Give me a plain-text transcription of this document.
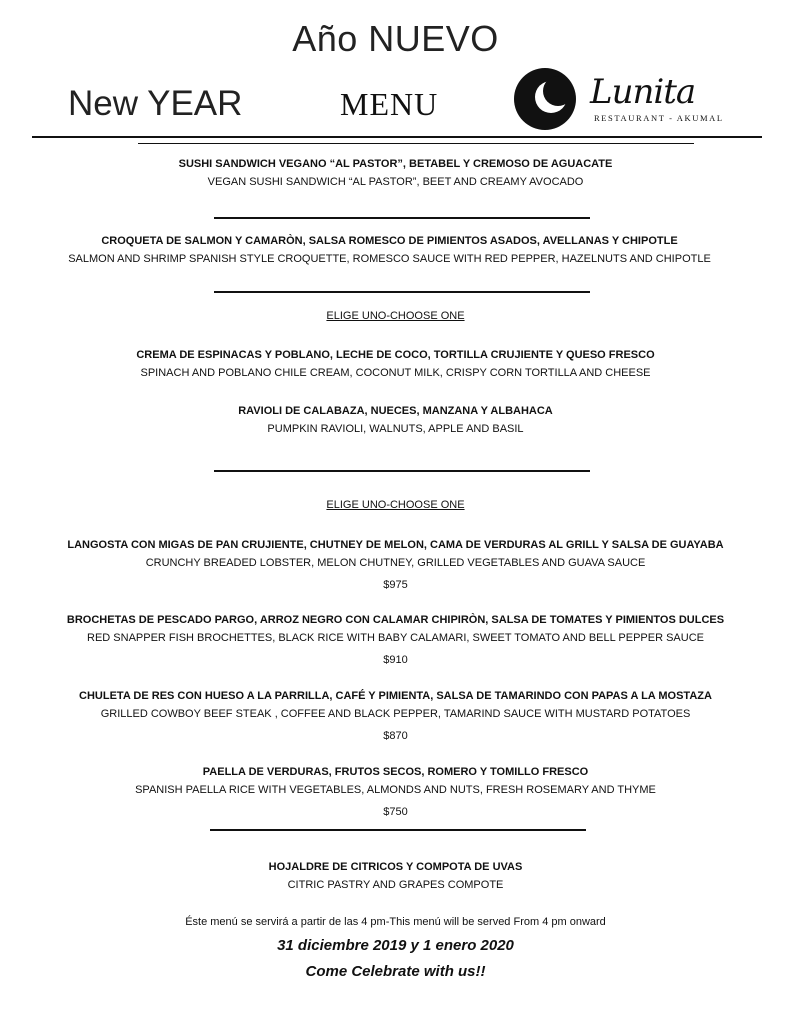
Año NUEVO
New YEAR	MENU	Lunita
RESTAURANT - AKUMAL
SUSHI SANDWICH VEGANO “AL PASTOR”, BETABEL Y CREMOSO DE AGUACATE
VEGAN SUSHI SANDWICH “AL PASTOR”, BEET AND CREAMY AVOCADO
CROQUETA DE SALMON Y CAMARÒN, SALSA ROMESCO DE PIMIENTOS ASADOS, AVELLANAS Y CHIPOTLE
SALMON AND SHRIMP SPANISH STYLE CROQUETTE, ROMESCO SAUCE WITH RED PEPPER, HAZELNUTS AND CHIPOTLE
ELIGE UNO-CHOOSE ONE
CREMA DE ESPINACAS Y POBLANO, LECHE DE COCO, TORTILLA CRUJIENTE Y QUESO FRESCO
SPINACH AND POBLANO CHILE CREAM, COCONUT MILK, CRISPY CORN TORTILLA AND CHEESE
RAVIOLI DE CALABAZA, NUECES, MANZANA Y ALBAHACA
PUMPKIN RAVIOLI, WALNUTS, APPLE AND BASIL
ELIGE UNO-CHOOSE ONE
LANGOSTA CON MIGAS DE PAN CRUJIENTE, CHUTNEY DE MELON, CAMA DE VERDURAS AL GRILL Y SALSA DE GUAYABA
CRUNCHY BREADED LOBSTER, MELON CHUTNEY, GRILLED VEGETABLES AND GUAVA SAUCE
$975
BROCHETAS DE PESCADO PARGO, ARROZ NEGRO CON CALAMAR CHIPIRÒN, SALSA DE TOMATES Y PIMIENTOS DULCES
RED SNAPPER FISH BROCHETTES, BLACK RICE WITH BABY CALAMARI, SWEET TOMATO AND BELL PEPPER SAUCE
$910
CHULETA DE RES CON HUESO A LA PARRILLA, CAFÉ Y PIMIENTA, SALSA DE TAMARINDO CON PAPAS A LA MOSTAZA
GRILLED COWBOY BEEF STEAK , COFFEE AND BLACK PEPPER, TAMARIND SAUCE WITH MUSTARD POTATOES
$870
PAELLA DE VERDURAS, FRUTOS SECOS, ROMERO Y TOMILLO FRESCO
SPANISH PAELLA RICE WITH VEGETABLES, ALMONDS AND NUTS, FRESH ROSEMARY AND THYME
$750
HOJALDRE DE CITRICOS Y COMPOTA DE UVAS
CITRIC PASTRY AND GRAPES COMPOTE
Éste menú se servirá a partir de las 4 pm-This menú will be served From 4 pm onward
31 diciembre 2019 y 1 enero 2020
Come Celebrate with us!!
